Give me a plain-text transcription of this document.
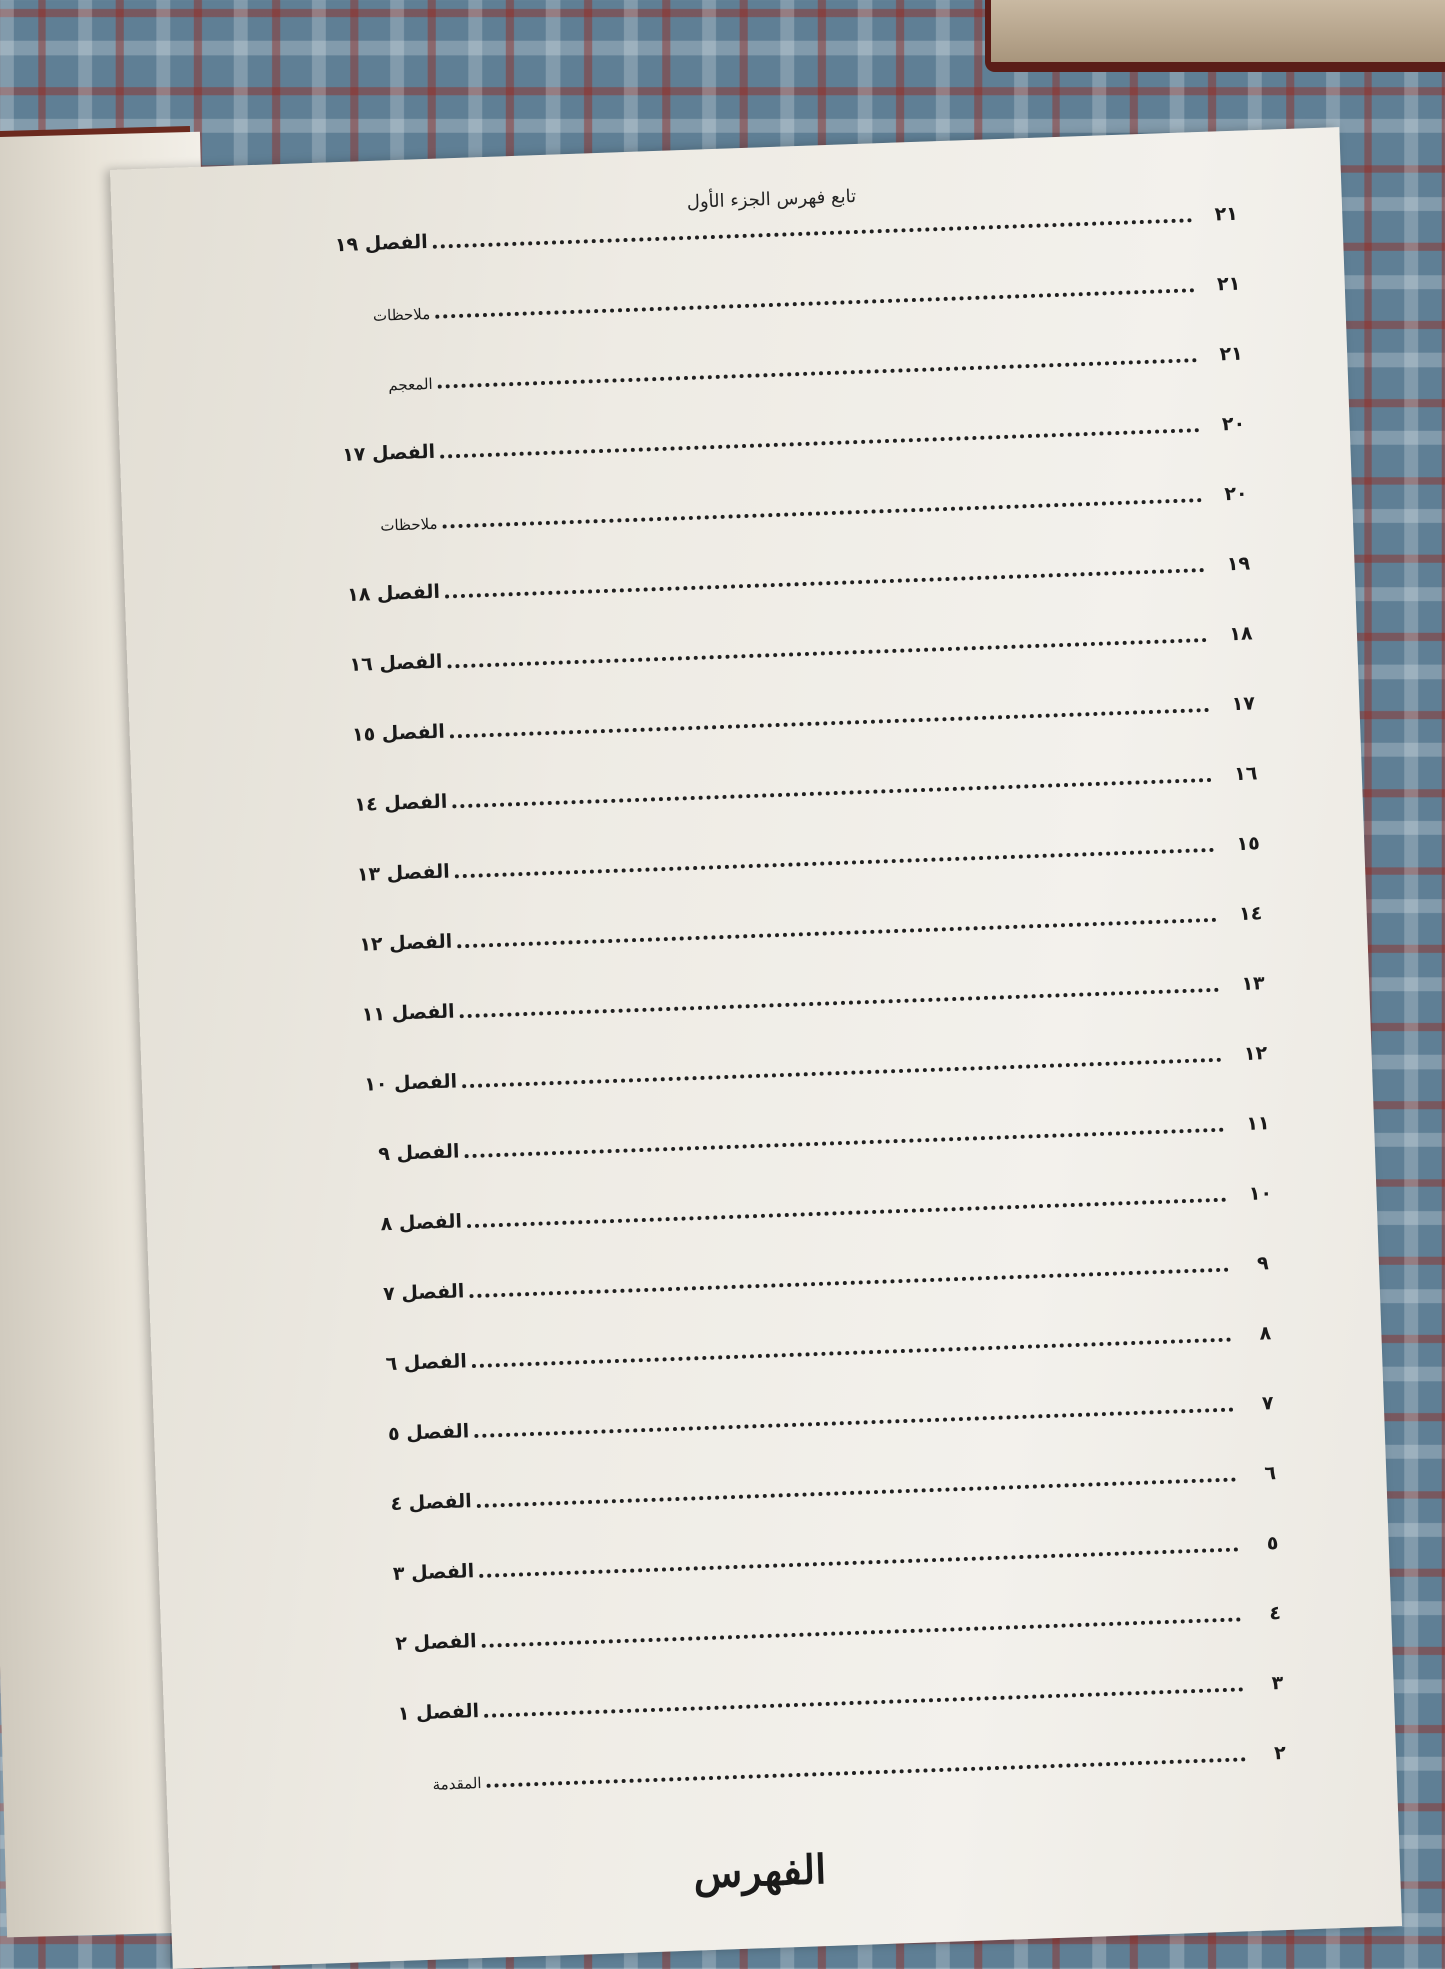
تابع فهرس الجزء الأول
الفصل ١٩
٢١
ملاحظات
٢١
المعجم
٢١
الفصل ١٧
٢٠
ملاحظات
٢٠
الفصل ١٨
١٩
الفصل ١٦
١٨
الفصل ١٥
١٧
الفصل ١٤
١٦
الفصل ١٣
١٥
الفصل ١٢
١٤
الفصل ١١
١٣
الفصل ١٠
١٢
الفصل ٩
١١
الفصل ٨
١٠
الفصل ٧
٩
الفصل ٦
٨
الفصل ٥
٧
الفصل ٤
٦
الفصل ٣
٥
الفصل ٢
٤
الفصل ١
٣
المقدمة
٢
الفهرس
